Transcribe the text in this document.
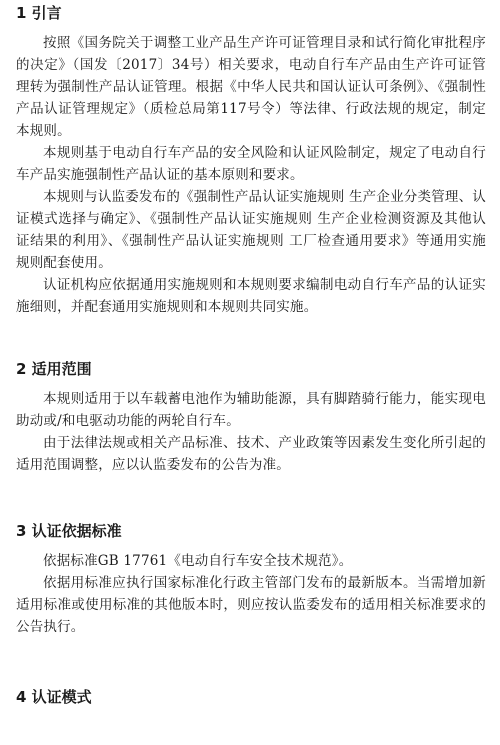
1 引言

按照《国务院关于调整工业产品生产许可证管理目录和试行简化审批程序的决定》（国发〔2017〕34号）相关要求，电动自行车产品由生产许可证管理转为强制性产品认证管理。根据《中华人民共和国认证认可条例》、《强制性产品认证管理规定》（质检总局第117号令）等法律、行政法规的规定，制定本规则。

本规则基于电动自行车产品的安全风险和认证风险制定，规定了电动自行车产品实施强制性产品认证的基本原则和要求。

本规则与认监委发布的《强制性产品认证实施规则 生产企业分类管理、认证模式选择与确定》、《强制性产品认证实施规则 生产企业检测资源及其他认证结果的利用》、《强制性产品认证实施规则 工厂检查通用要求》等通用实施规则配套使用。

认证机构应依据通用实施规则和本规则要求编制电动自行车产品的认证实施细则，并配套通用实施规则和本规则共同实施。

2 适用范围

本规则适用于以车载蓄电池作为辅助能源，具有脚踏骑行能力，能实现电助动或/和电驱动功能的两轮自行车。

由于法律法规或相关产品标准、技术、产业政策等因素发生变化所引起的适用范围调整，应以认监委发布的公告为准。

3 认证依据标准

依据标准GB 17761《电动自行车安全技术规范》。

依据用标准应执行国家标准化行政主管部门发布的最新版本。当需增加新适用标准或使用标准的其他版本时，则应按认监委发布的适用相关标准要求的公告执行。

4 认证模式
